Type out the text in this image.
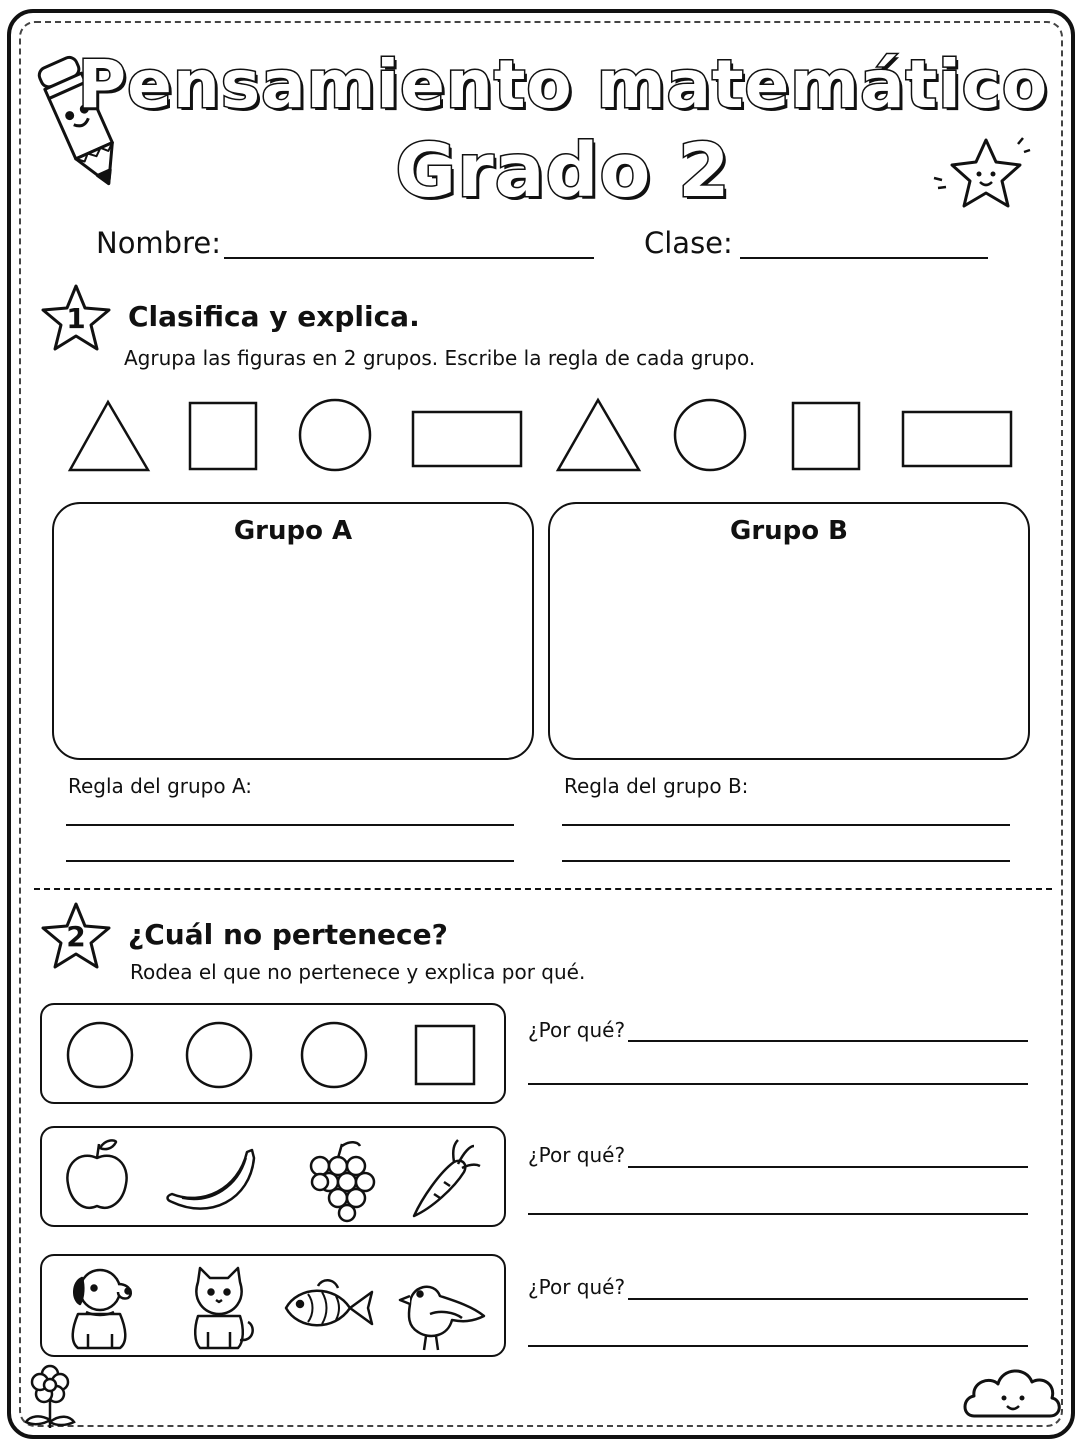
Pensamiento matemático
Grado 2
Nombre:	Clase:
1	Clasifica y explica.
Agrupa las figuras en 2 grupos. Escribe la regla de cada grupo.
Grupo A	Grupo B
Regla del grupo A:	Regla del grupo B:
2	¿Cuál no pertenece?
Rodea el que no pertenece y explica por qué.
¿Por qué?
¿Por qué?
¿Por qué?
